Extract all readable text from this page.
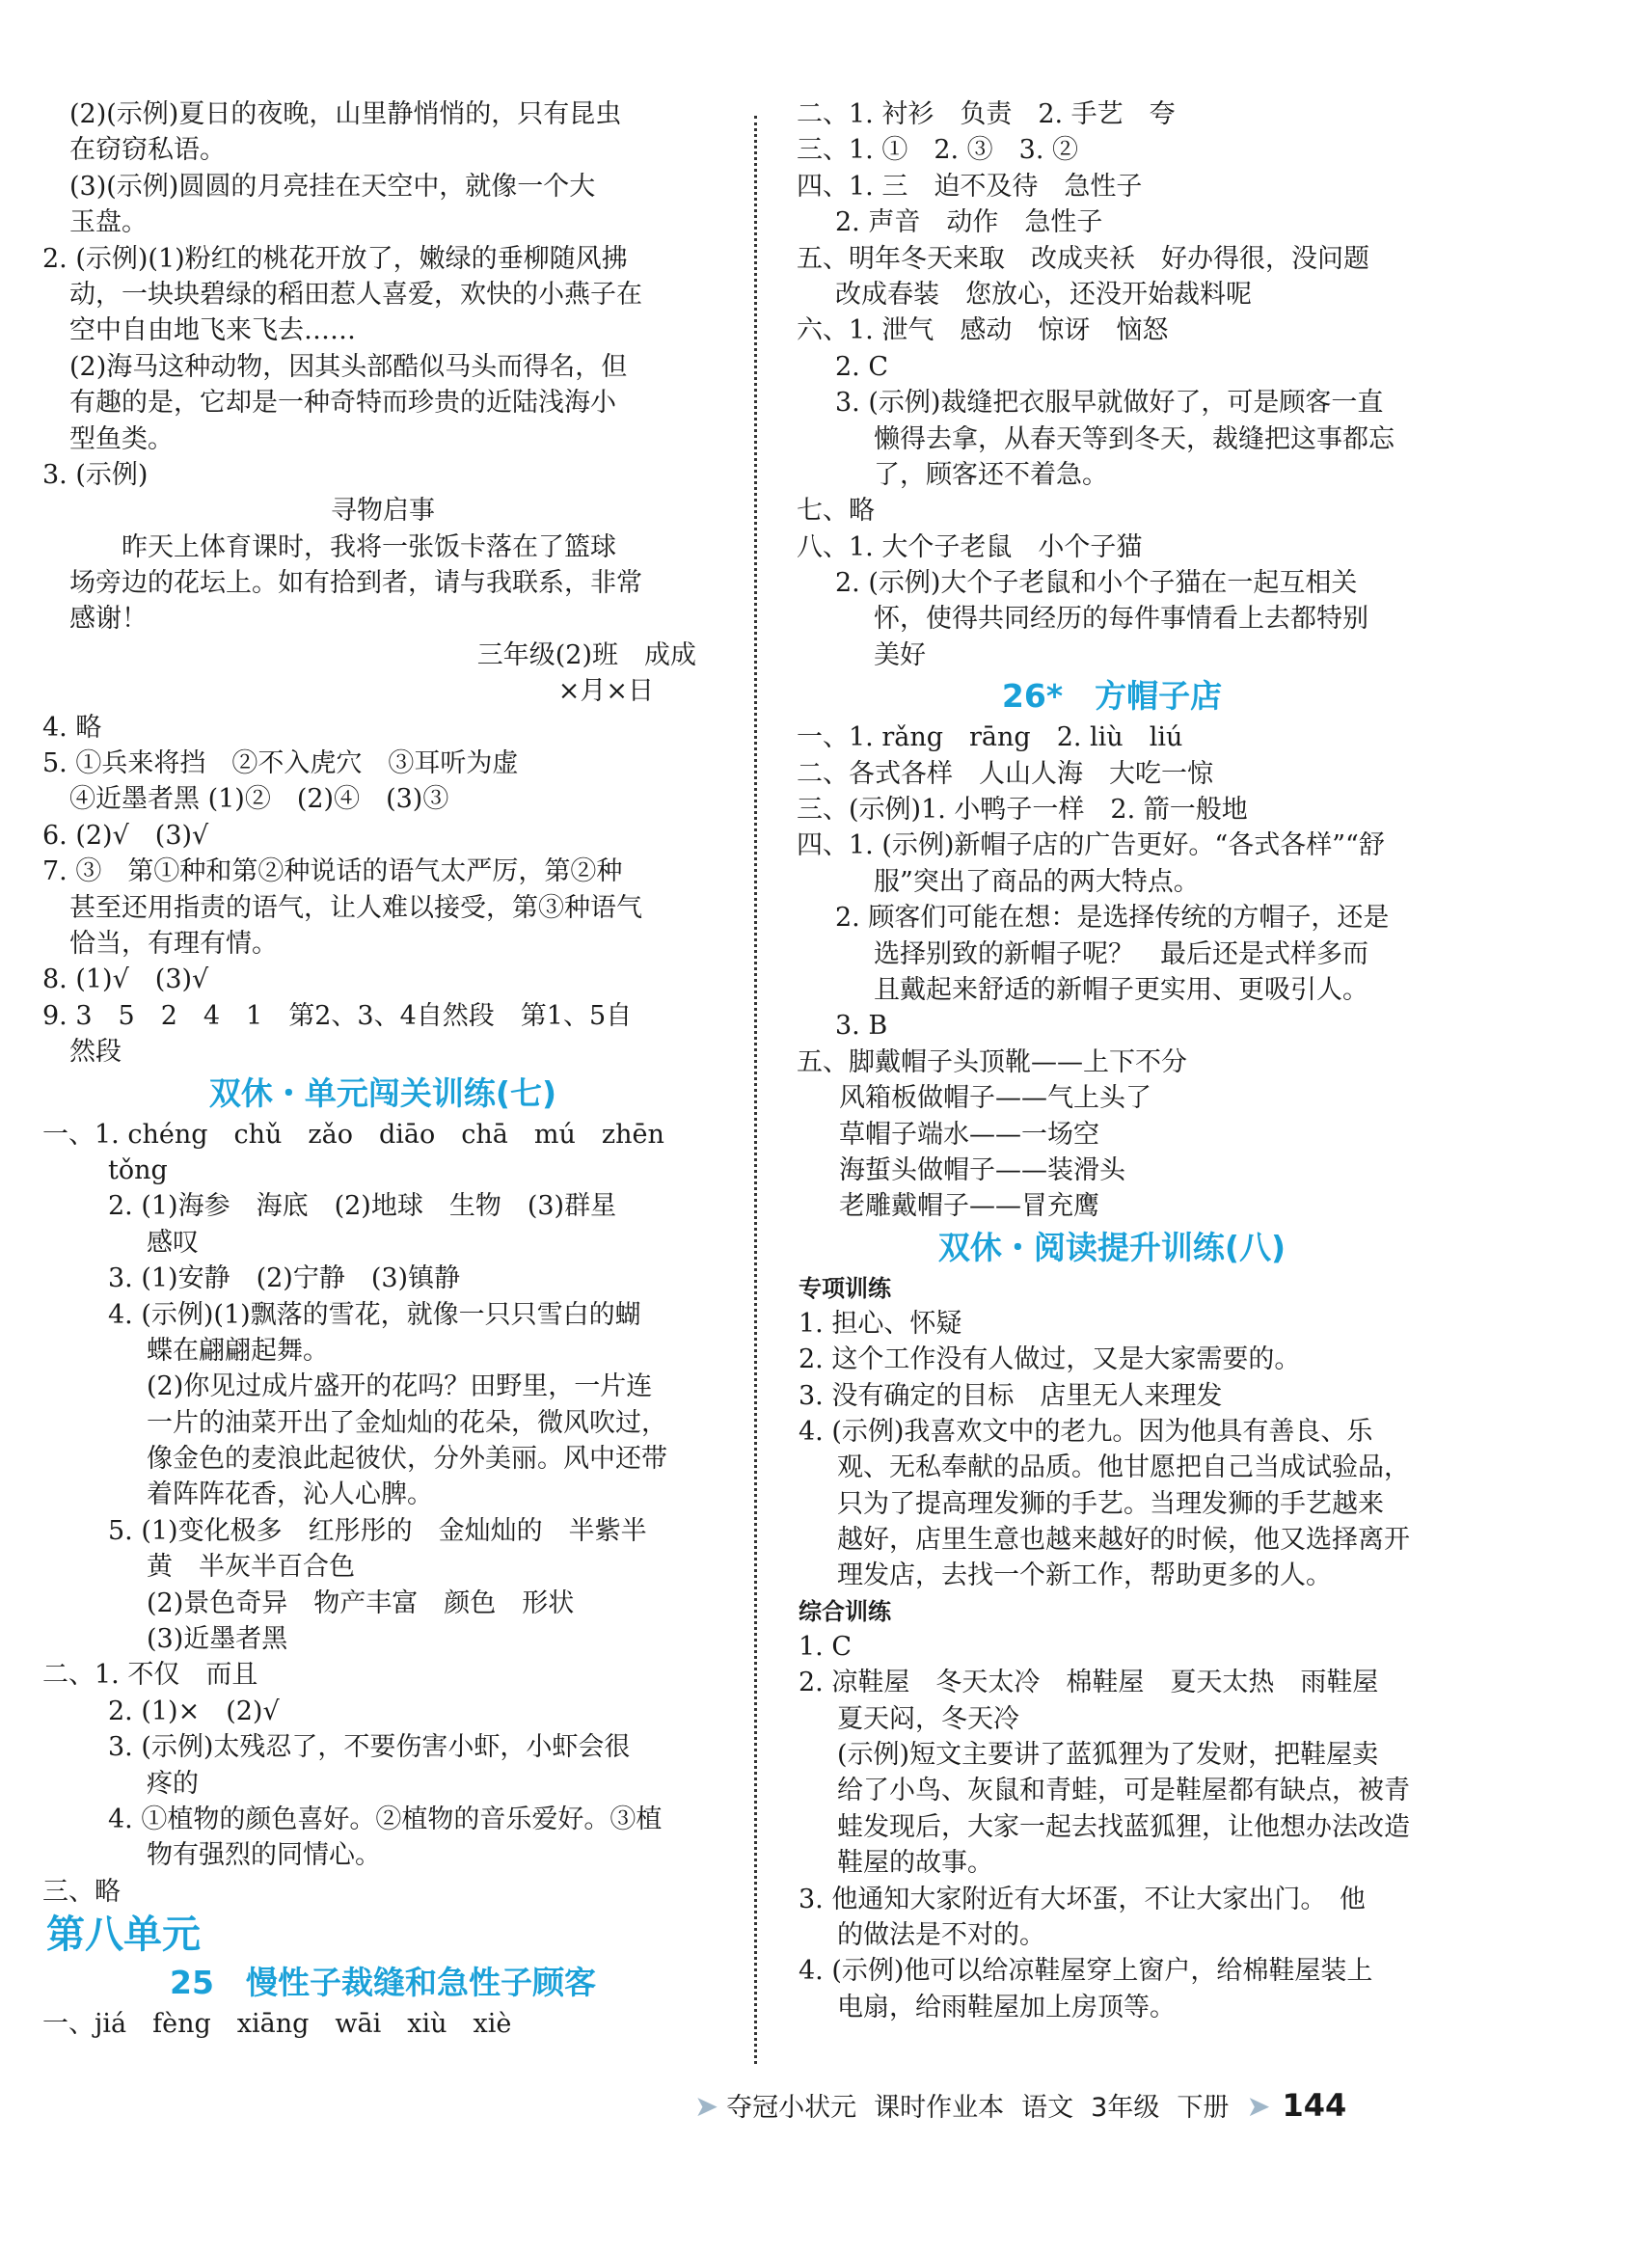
(2)(示例)夏日的夜晚，山里静悄悄的，只有昆虫
在窃窃私语。
(3)(示例)圆圆的月亮挂在天空中，就像一个大
玉盘。
2. (示例)(1)粉红的桃花开放了，嫩绿的垂柳随风拂
动，一块块碧绿的稻田惹人喜爱，欢快的小燕子在
空中自由地飞来飞去……
(2)海马这种动物，因其头部酷似马头而得名，但
有趣的是，它却是一种奇特而珍贵的近陆浅海小
型鱼类。
3. (示例)
寻物启事
昨天上体育课时，我将一张饭卡落在了篮球
场旁边的花坛上。如有拾到者，请与我联系，非常
感谢！
三年级(2)班　成成
×月×日
4. 略
5. ①兵来将挡　②不入虎穴　③耳听为虚
④近墨者黑 (1)②　(2)④　(3)③
6. (2)√　(3)√
7. ③　第①种和第②种说话的语气太严厉，第②种
甚至还用指责的语气，让人难以接受，第③种语气
恰当，有理有情。
8. (1)√　(3)√
9. 3　5　2　4　1　第2、3、4自然段　第1、5自
然段
双休・单元闯关训练(七)
一、1. chéng　chǔ　zǎo　diāo　chā　mú　zhēn
tǒng
2. (1)海参　海底　(2)地球　生物　(3)群星
感叹
3. (1)安静　(2)宁静　(3)镇静
4. (示例)(1)飘落的雪花，就像一只只雪白的蝴
蝶在翩翩起舞。
(2)你见过成片盛开的花吗？田野里，一片连
一片的油菜开出了金灿灿的花朵，微风吹过，
像金色的麦浪此起彼伏，分外美丽。风中还带
着阵阵花香，沁人心脾。
5. (1)变化极多　红彤彤的　金灿灿的　半紫半
黄　半灰半百合色
(2)景色奇异　物产丰富　颜色　形状
(3)近墨者黑
二、1. 不仅　而且
2. (1)×　(2)√
3. (示例)太残忍了，不要伤害小虾，小虾会很
疼的
4. ①植物的颜色喜好。②植物的音乐爱好。③植
物有强烈的同情心。
三、略
第八单元
25　慢性子裁缝和急性子顾客
一、jiá　fèng　xiāng　wāi　xiù　xiè
二、1. 衬衫　负责　2. 手艺　夸
三、1. ①　2. ③　3. ②
四、1. 三　迫不及待　急性子
2. 声音　动作　急性子
五、明年冬天来取　改成夹袄　好办得很，没问题
改成春装　您放心，还没开始裁料呢
六、1. 泄气　感动　惊讶　恼怒
2. C
3. (示例)裁缝把衣服早就做好了，可是顾客一直
懒得去拿，从春天等到冬天，裁缝把这事都忘
了，顾客还不着急。
七、略
八、1. 大个子老鼠　小个子猫
2. (示例)大个子老鼠和小个子猫在一起互相关
怀，使得共同经历的每件事情看上去都特别
美好
26*　方帽子店
一、1. rǎng　rāng　2. liù　liú
二、各式各样　人山人海　大吃一惊
三、(示例)1. 小鸭子一样　2. 箭一般地
四、1. (示例)新帽子店的广告更好。“各式各样”“舒
服”突出了商品的两大特点。
2. 顾客们可能在想：是选择传统的方帽子，还是
选择别致的新帽子呢？　最后还是式样多而
且戴起来舒适的新帽子更实用、更吸引人。
3. B
五、脚戴帽子头顶靴——上下不分
风箱板做帽子——气上头了
草帽子端水——一场空
海蜇头做帽子——装滑头
老雕戴帽子——冒充鹰
双休・阅读提升训练(八)
专项训练
1. 担心、怀疑
2. 这个工作没有人做过，又是大家需要的。
3. 没有确定的目标　店里无人来理发
4. (示例)我喜欢文中的老九。因为他具有善良、乐
观、无私奉献的品质。他甘愿把自己当成试验品，
只为了提高理发狮的手艺。当理发狮的手艺越来
越好，店里生意也越来越好的时候，他又选择离开
理发店，去找一个新工作，帮助更多的人。
综合训练
1. C
2. 凉鞋屋　冬天太冷　棉鞋屋　夏天太热　雨鞋屋
夏天闷，冬天冷
(示例)短文主要讲了蓝狐狸为了发财，把鞋屋卖
给了小鸟、灰鼠和青蛙，可是鞋屋都有缺点，被青
蛙发现后，大家一起去找蓝狐狸，让他想办法改造
鞋屋的故事。
3. 他通知大家附近有大坏蛋，不让大家出门。　他
的做法是不对的。
4. (示例)他可以给凉鞋屋穿上窗户，给棉鞋屋装上
电扇，给雨鞋屋加上房顶等。
➤ 夺冠小状元 课时作业本 语文 3年级 下册 ➤ 144
